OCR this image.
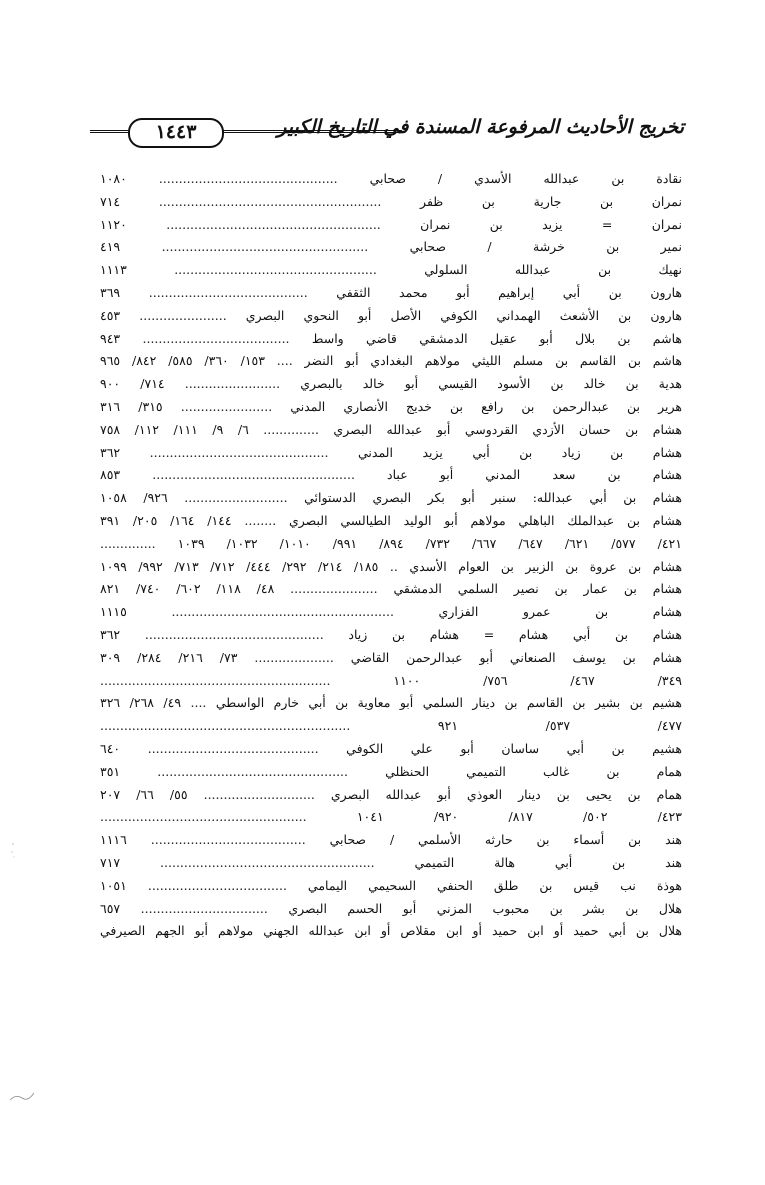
تخريج الأحاديث المرفوعة المسندة في التاريخ الكبير
١٤٤٣
نقادة بن عبدالله الأسدي / صحابي ............................................. ١٠٨٠
نمران بن جارية بن ظفر ........................................................ ٧١٤
نمران = يزيد بن نمران ...................................................... ١١٢٠
نمير بن خرشة / صحابي .................................................... ٤١٩
نهيك بن عبدالله السلولي ................................................... ١١١٣
هارون بن أبي إبراهيم أبو محمد الثقفي ........................................ ٣٦٩
هارون بن الأشعث الهمداني الكوفي الأصل أبو النحوي البصري ...................... ٤٥٣
هاشم بن بلال أبو عقيل الدمشقي قاضي واسط ..................................... ٩٤٣
هاشم بن القاسم بن مسلم الليثي مولاهم البغدادي أبو النضر .... ١٥٣/ ٣٦٠/ ٥٨٥/ ٨٤٢/ ٩٦٥
هدية بن خالد بن الأسود القيسي أبو خالد بالبصري ........................ ٧١٤/ ٩٠٠
هرير بن عبدالرحمن بن رافع بن خديج الأنصاري المدني ....................... ٣١٥/ ٣١٦
هشام بن حسان الأزدي القردوسي أبو عبدالله البصري .............. ٦/ ٩/ ١١١/ ١١٢/ ٧٥٨
هشام بن زياد بن أبي يزيد المدني ............................................. ٣٦٢
هشام بن سعد المدني أبو عباد ................................................... ٨٥٣
هشام بن أبي عبدالله: سنبر أبو بكر البصري الدستوائي .......................... ٩٢٦/ ١٠٥٨
هشام بن عبدالملك الباهلي مولاهم أبو الوليد الطيالسي البصري ........ ١٤٤/ ١٦٤/ ٢٠٥/ ٣٩١
٤٢١/ ٥٧٧/ ٦٢١/ ٦٤٧/ ٦٦٧/ ٧٣٢/ ٨٩٤/ ٩٩١/ ١٠١٠/ ١٠٣٢/ ١٠٣٩ ..............
هشام بن عروة بن الزبير بن العوام الأسدي .. ١٨٥/ ٢١٤/ ٢٩٢/ ٤٤٤/ ٧١٢/ ٧١٣/ ٩٩٢/ ١٠٩٩
هشام بن عمار بن نصير السلمي الدمشقي ...................... ٤٨/ ١١٨/ ٦٠٢/ ٧٤٠/ ٨٢١
هشام بن عمرو الفزاري ........................................................ ١١١٥
هشام بن أبي هشام = هشام بن زياد ............................................. ٣٦٢
هشام بن يوسف الصنعاني أبو عبدالرحمن القاضي .................... ٧٣/ ٢١٦/ ٢٨٤/ ٣٠٩
٣٤٩/ ٤٦٧/ ٧٥٦/ ١١٠٠ ..........................................................
هشيم بن بشير بن القاسم بن دينار السلمي أبو معاوية بن أبي خارم الواسطي .... ٤٩/ ٢٦٨/ ٣٢٦
٤٧٧/ ٥٣٧/ ٩٢١ ...............................................................
هشيم بن أبي ساسان أبو علي الكوفي ........................................... ٦٤٠
همام بن غالب التميمي الحنظلي ................................................ ٣٥١
همام بن يحيى بن دينار العوذي أبو عبدالله البصري ............................ ٥٥/ ٦٦/ ٢٠٧
٤٢٣/ ٥٠٢/ ٨١٧/ ٩٢٠/ ١٠٤١ ....................................................
هند بن أسماء بن حارثه الأسلمي / صحابي ....................................... ١١١٦
هند بن أبي هالة التميمي ...................................................... ٧١٧
هوذة نب قيس بن طلق الحنفي السحيمي اليمامي ................................... ١٠٥١
هلال بن بشر بن محبوب المزني أبو الحسم البصري ................................ ٦٥٧
هلال بن أبي حميد أو ابن حميد أو ابن مقلاص أو ابن عبدالله الجهني مولاهم أبو الجهم الصيرفي
